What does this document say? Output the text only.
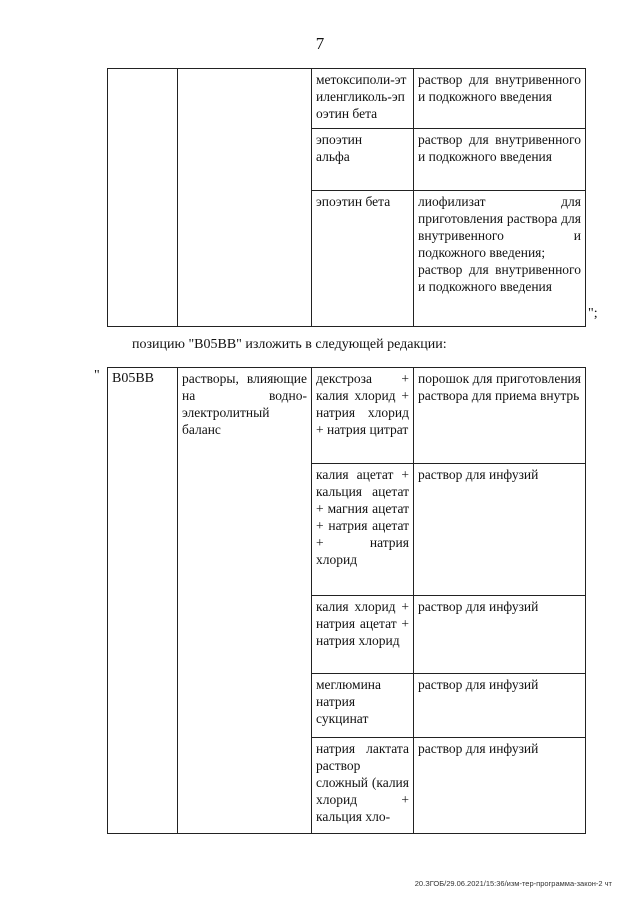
7
		метоксиполи-этиленгликоль-эпоэтин бета	раствор для внутривенного и подкожного введения
		эпоэтин альфа	раствор для внутривенного и подкожного введения
		эпоэтин бета	лиофилизат для приготовления раствора для внутривенного и подкожного введения;
раствор для внутривенного и подкожного введения
";
позицию "B05BB" изложить в следующей редакции:
" B05BB	растворы, влияющие на водно-электролитный баланс	декстроза + калия хлорид + натрия хлорид + натрия цитрат	порошок для приготовления раствора для приема внутрь
		калия ацетат + кальция ацетат + магния ацетат + натрия ацетат + натрия хлорид	раствор для инфузий
		калия хлорид + натрия ацетат + натрия хлорид	раствор для инфузий
		меглюмина натрия сукцинат	раствор для инфузий
		натрия лактата раствор сложный (калия хлорид + кальция хло-	раствор для инфузий
20.ЗГОБ/29.06.2021/15:36/изм-тер-программа-закон-2 чт
